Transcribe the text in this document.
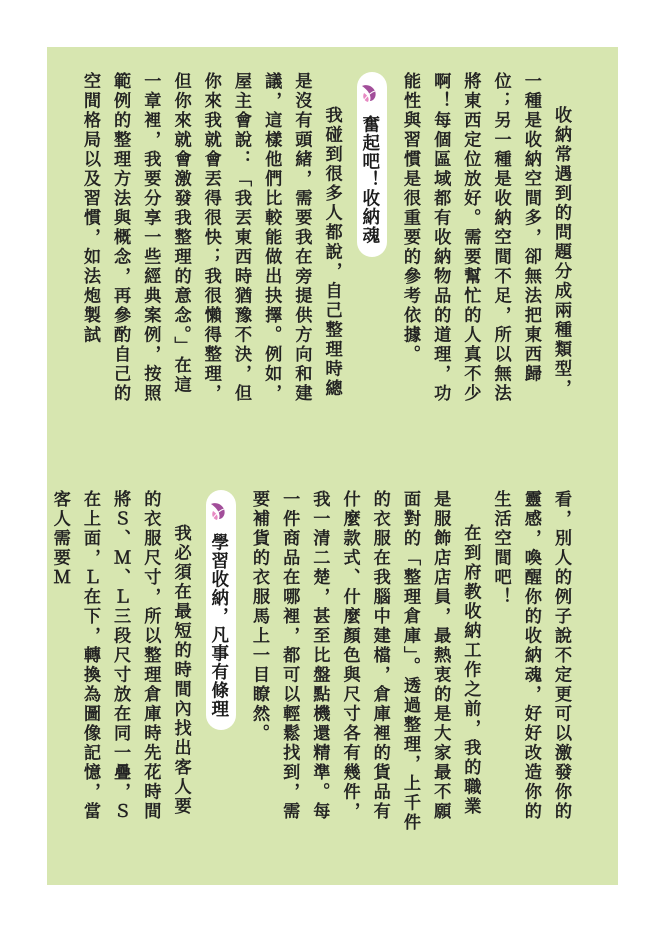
收納常遇到的問題分成兩種類型，一種是收納空間多，卻無法把東西歸位；另一種是收納空間不足，所以無法將東西定位放好。需要幫忙的人真不少啊！每個區域都有收納物品的道理，功能性與習慣是很重要的參考依據。

奮起吧！收納魂

我碰到很多人都說，自己整理時總是沒有頭緒，需要我在旁提供方向和建議，這樣他們比較能做出抉擇。例如，屋主會說：「我丟東西時猶豫不決，但你來我就會丟得很快；我很懶得整理，但你來就會激發我整理的意念。」在這一章裡，我要分享一些經典案例，按照範例的整理方法與概念，再參酌自己的空間格局以及習慣，如法炮製試

看，別人的例子說不定更可以激發你的靈感，喚醒你的收納魂，好好改造你的生活空間吧！

在到府教收納工作之前，我的職業是服飾店店員，最熱衷的是大家最不願面對的「整理倉庫」。透過整理，上千件的衣服在我腦中建檔，倉庫裡的貨品有什麼款式、什麼顏色與尺寸各有幾件，我一清二楚，甚至比盤點機還精準。每一件商品在哪裡，都可以輕鬆找到，需要補貨的衣服馬上一目瞭然。

學習收納，凡事有條理

我必須在最短的時間內找出客人要的衣服尺寸，所以整理倉庫時先花時間將Ｓ、Ｍ、Ｌ三段尺寸放在同一疊，Ｓ在上面，Ｌ在下，轉換為圖像記憶，當客人需要Ｍ
